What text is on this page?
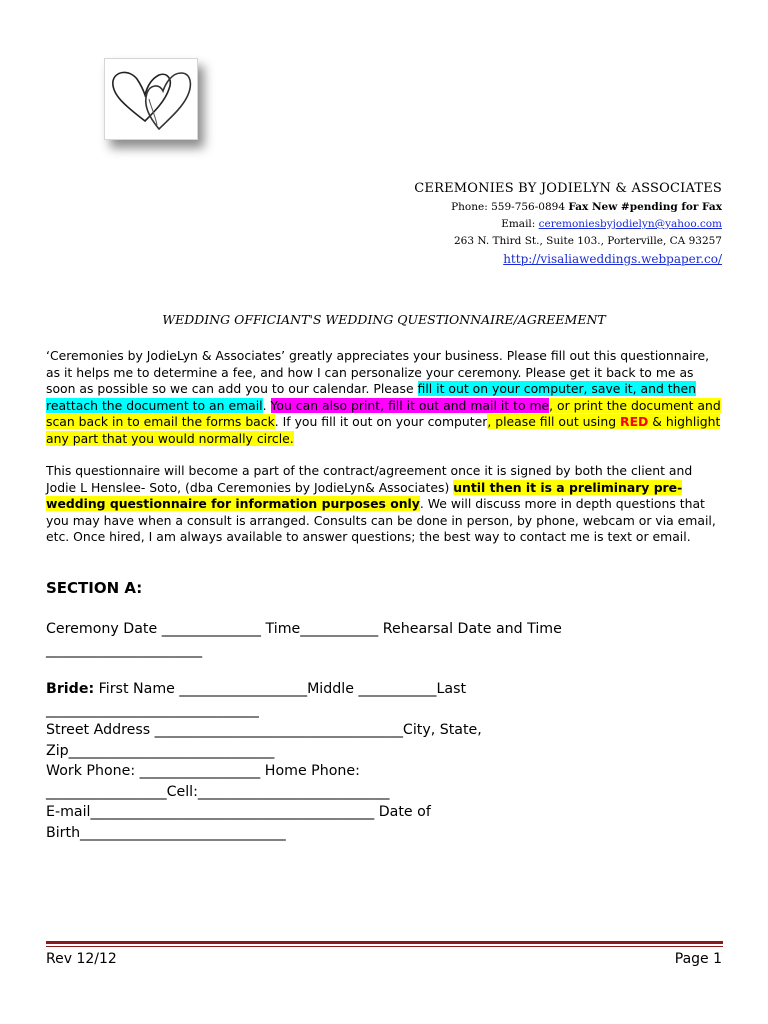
CEREMONIES BY JODIELYN & ASSOCIATES
Phone: 559-756-0894 Fax New #pending for Fax
Email: ceremoniesbyjodielyn@yahoo.com
263 N. Third St., Suite 103., Porterville, CA 93257
http://visaliaweddings.webpaper.co/
WEDDING OFFICIANT'S WEDDING QUESTIONNAIRE/AGREEMENT
‘Ceremonies by JodieLyn & Associates’ greatly appreciates your business. Please fill out this questionnaire, as it helps me to determine a fee, and how I can personalize your ceremony. Please get it back to me as soon as possible so we can add you to our calendar. Please fill it out on your computer, save it, and then reattach the document to an email. You can also print, fill it out and mail it to me, or print the document and scan back in to email the forms back. If you fill it out on your computer, please fill out using RED & highlight any part that you would normally circle.
This questionnaire will become a part of the contract/agreement once it is signed by both the client and Jodie L Henslee- Soto, (dba Ceremonies by JodieLyn& Associates) until then it is a preliminary pre-wedding questionnaire for information purposes only. We will discuss more in depth questions that you may have when a consult is arranged. Consults can be done in person, by phone, webcam or via email, etc. Once hired, I am always available to answer questions; the best way to contact me is text or email.
SECTION A:
Ceremony Date ______________ Time___________ Rehearsal Date and Time
______________________
Bride: First Name __________________Middle ___________Last
______________________________
Street Address ___________________________________City, State,
Zip_____________________________
Work Phone: _________________ Home Phone:
_________________Cell:___________________________
E-mail________________________________________ Date of
Birth_____________________________
Rev 12/12	Page 1
